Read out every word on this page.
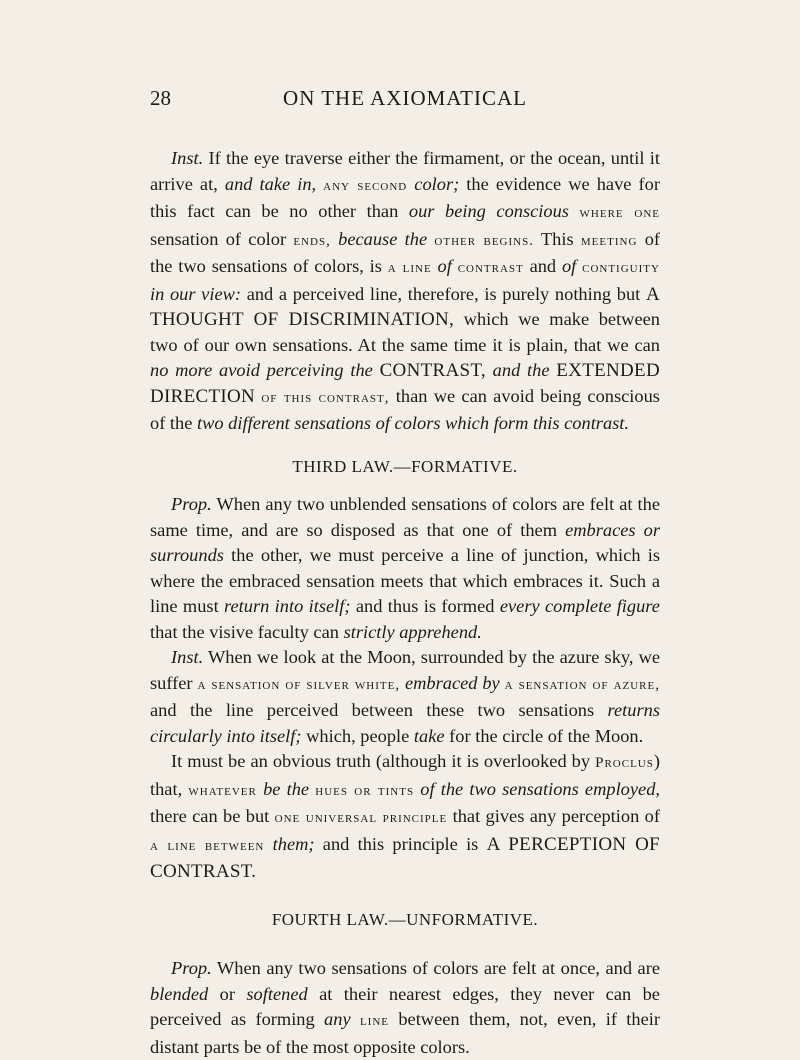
28	ON THE AXIOMATICAL

Inst. If the eye traverse either the firmament, or the ocean, until it arrive at, and take in, any second color; the evidence we have for this fact can be no other than our being conscious where one sensation of color ends, because the other begins. This meeting of the two sensations of colors, is a line of contrast and of contiguity in our view: and a perceived line, therefore, is purely nothing but A THOUGHT OF DISCRIMINATION, which we make between two of our own sensations. At the same time it is plain, that we can no more avoid perceiving the CONTRAST, and the EXTENDED DIRECTION of this contrast, than we can avoid being conscious of the two different sensations of colors which form this contrast.

THIRD LAW.—FORMATIVE.

Prop. When any two unblended sensations of colors are felt at the same time, and are so disposed as that one of them embraces or surrounds the other, we must perceive a line of junction, which is where the embraced sensation meets that which embraces it. Such a line must return into itself; and thus is formed every complete figure that the visive faculty can strictly apprehend.

Inst. When we look at the Moon, surrounded by the azure sky, we suffer a sensation of silver white, embraced by a sensation of azure, and the line perceived between these two sensations returns circularly into itself; which, people take for the circle of the Moon.

It must be an obvious truth (although it is overlooked by Proclus) that, whatever be the hues or tints of the two sensations employed, there can be but one universal principle that gives any perception of a line between them; and this principle is A PERCEPTION OF CONTRAST.

FOURTH LAW.—UNFORMATIVE.

Prop. When any two sensations of colors are felt at once, and are blended or softened at their nearest edges, they never can be perceived as forming any line between them, not, even, if their distant parts be of the most opposite colors.
